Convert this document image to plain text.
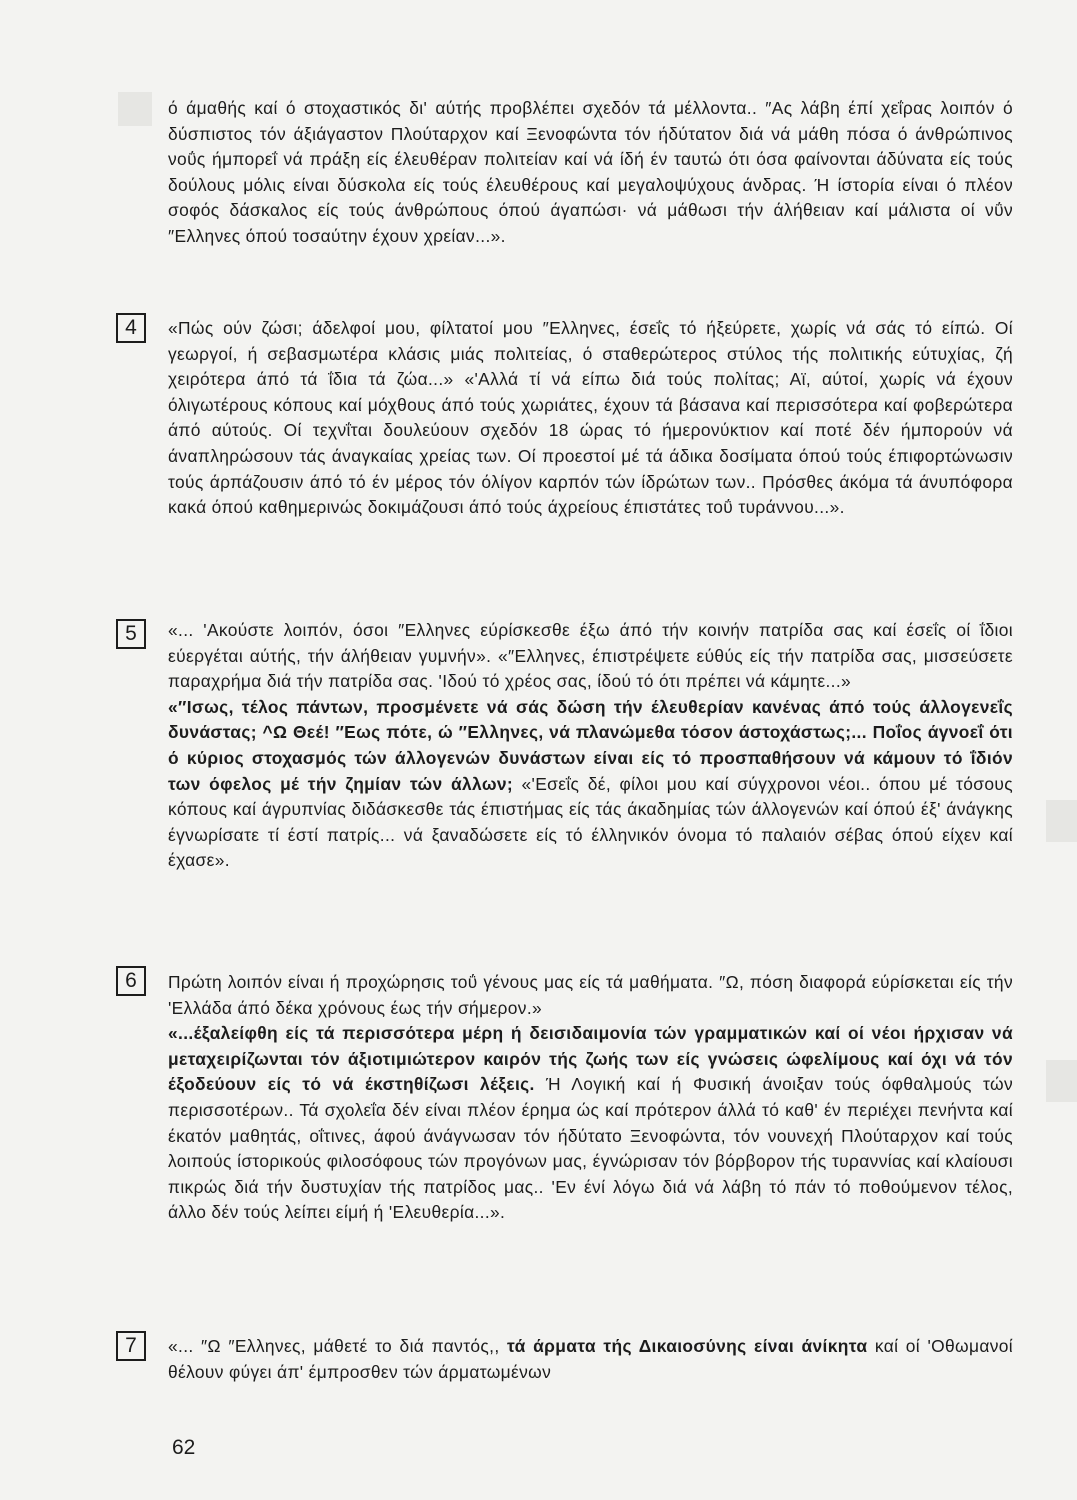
ό άμαθής καί ό στοχαστικός δι' αύτής προβλέπει σχεδόν τά μέλλοντα.. ″Ας λάβη έπί χεΐρας λοιπόν ό δύσπιστος τόν άξιάγαστον Πλούταρχον καί Ξενοφώντα τόν ήδύτατον διά νά μάθη πόσα ό άνθρώπινος νοΰς ήμπορεΐ νά πράξη είς έλευθέραν πολιτείαν καί νά ίδή έν ταυτώ ότι όσα φαίνονται άδύνατα είς τούς δούλους μόλις είναι δύσκολα είς τούς έλευθέρους καί μεγαλοψύχους άνδρας. Ή ίστορία είναι ό πλέον σοφός δάσκαλος είς τούς άνθρώπους όπού άγαπώσι· νά μάθωσι τήν άλήθειαν καί μάλιστα οί νΰν ″Ελληνες όπού τοσαύτην έχουν χρείαν...».

4	«Πώς ούν ζώσι; άδελφοί μου, φίλτατοί μου ″Ελληνες, έσεΐς τό ήξεύρετε, χωρίς νά σάς τό είπώ. Οί γεωργοί, ή σεβασμωτέρα κλάσις μιάς πολιτείας, ό σταθερώτερος στύλος τής πολιτικής εύτυχίας, ζή χειρότερα άπό τά ΐδια τά ζώα...» «'Αλλά τί νά είπω διά τούς πολίτας; Αϊ, αύτοί, χωρίς νά έχουν όλιγωτέρους κόπους καί μόχθους άπό τούς χωριάτες, έχουν τά βάσανα καί περισσότερα καί φοβερώτερα άπό αύτούς. Οί τεχνΐται δουλεύουν σχεδόν 18 ώρας τό ήμερονύκτιον καί ποτέ δέν ήμπορούν νά άναπληρώσουν τάς άναγκαίας χρείας των. Οί προεστοί μέ τά άδικα δοσίματα όπού τούς έπιφορτώνωσιν τούς άρπάζουσιν άπό τό έν μέρος τόν όλίγον καρπόν τών ίδρώτων των.. Πρόσθες άκόμα τά άνυπόφορα κακά όπού καθημερινώς δοκιμάζουσι άπό τούς άχρείους έπιστάτες τοΰ τυράννου...».

5	«... 'Ακούστε λοιπόν, όσοι ″Ελληνες εύρίσκεσθε έξω άπό τήν κοινήν πατρίδα σας καί έσεΐς οί ΐδιοι εύεργέται αύτής, τήν άλήθειαν γυμνήν». «″Ελληνες, έπιστρέψετε εύθύς είς τήν πατρίδα σας, μισσεύσετε παραχρήμα διά τήν πατρίδα σας. 'Ιδού τό χρέος σας, ίδού τό ότι πρέπει νά κάμητε...»

«″Ισως, τέλος πάντων, προσμένετε νά σάς δώση τήν έλευθερίαν κανένας άπό τούς άλλογενεΐς δυνάστας; ^Ω Θεέ! ″Εως πότε, ώ ″Ελληνες, νά πλανώμεθα τόσον άστοχάστως;... Ποΐος άγνοεΐ ότι ό κύριος στοχασμός τών άλλογενών δυνάστων είναι είς τό προσπαθήσουν νά κάμουν τό ΐδιόν των όφελος μέ τήν ζημίαν τών άλλων; «'Εσεΐς δέ, φίλοι μου καί σύγχρονοι νέοι.. όπου μέ τόσους κόπους καί άγρυπνίας διδάσκεσθε τάς έπιστήμας είς τάς άκαδημίας τών άλλογενών καί όπού έξ' άνάγκης έγνωρίσατε τί έστί πατρίς... νά ξαναδώσετε είς τό έλληνικόν όνομα τό παλαιόν σέβας όπού είχεν καί έχασε».

6	Πρώτη λοιπόν είναι ή προχώρησις τοΰ γένους μας είς τά μαθήματα. ″Ω, πόση διαφορά εύρίσκεται είς τήν 'Ελλάδα άπό δέκα χρόνους έως τήν σήμερον.»

«...έξαλείφθη είς τά περισσότερα μέρη ή δεισιδαιμονία τών γραμματικών καί οί νέοι ήρχισαν νά μεταχειρίζωνται τόν άξιοτιμιώτερον καιρόν τής ζωής των είς γνώσεις ώφελίμους καί όχι νά τόν έξοδεύουν είς τό νά έκστηθίζωσι λέξεις. Ή Λογική καί ή Φυσική άνοιξαν τούς όφθαλμούς τών περισσοτέρων.. Τά σχολεΐα δέν είναι πλέον έρημα ώς καί πρότερον άλλά τό καθ' έν περιέχει πενήντα καί έκατόν μαθητάς, οΐτινες, άφού άνάγνωσαν τόν ήδύτατο Ξενοφώντα, τόν νουνεχή Πλούταρχον καί τούς λοιπούς ίστορικούς φιλοσόφους τών προγόνων μας, έγνώρισαν τόν βόρβορον τής τυραννίας καί κλαίουσι πικρώς διά τήν δυστυχίαν τής πατρίδος μας.. 'Εν ένί λόγω διά νά λάβη τό πάν τό ποθούμενον τέλος, άλλο δέν τούς λείπει είμή ή 'Ελευθερία...».

7	«... ″Ω ″Ελληνες, μάθετέ το διά παντός,, τά άρματα τής Δικαιοσύνης είναι άνίκητα καί οί 'Οθωμανοί θέλουν φύγει άπ' έμπροσθεν τών άρματωμένων

62
